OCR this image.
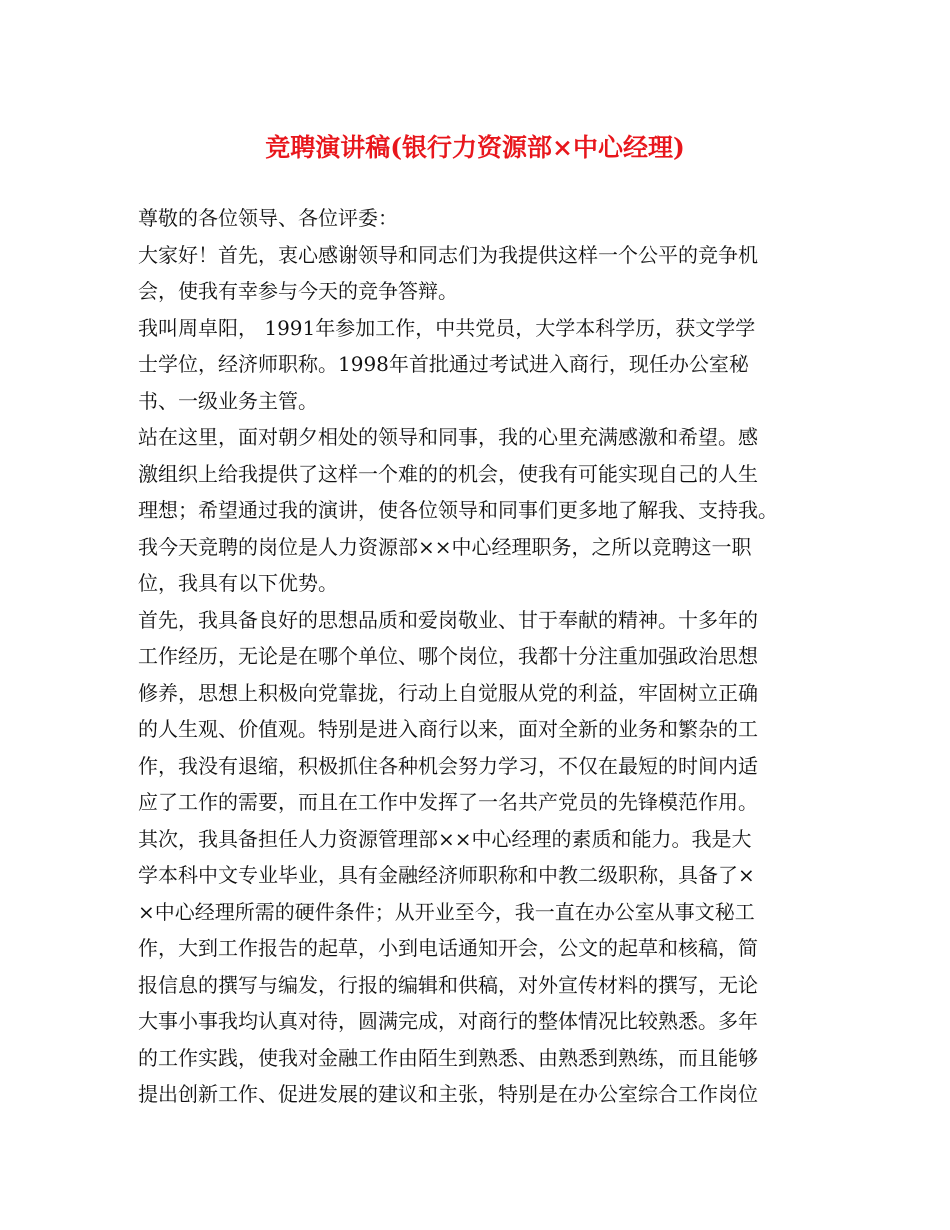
竞聘演讲稿(银行力资源部×中心经理)
尊敬的各位领导、各位评委：
大家好！首先，衷心感谢领导和同志们为我提供这样一个公平的竞争机
会，使我有幸参与今天的竞争答辩。
我叫周卓阳， 1991年参加工作，中共党员，大学本科学历，获文学学
士学位，经济师职称。1998年首批通过考试进入商行，现任办公室秘
书、一级业务主管。
站在这里，面对朝夕相处的领导和同事，我的心里充满感激和希望。感
激组织上给我提供了这样一个难的的机会，使我有可能实现自己的人生
理想；希望通过我的演讲，使各位领导和同事们更多地了解我、支持我。
我今天竞聘的岗位是人力资源部××中心经理职务，之所以竞聘这一职
位，我具有以下优势。
首先，我具备良好的思想品质和爱岗敬业、甘于奉献的精神。十多年的
工作经历，无论是在哪个单位、哪个岗位，我都十分注重加强政治思想
修养，思想上积极向党靠拢，行动上自觉服从党的利益，牢固树立正确
的人生观、价值观。特别是进入商行以来，面对全新的业务和繁杂的工
作，我没有退缩，积极抓住各种机会努力学习，不仅在最短的时间内适
应了工作的需要，而且在工作中发挥了一名共产党员的先锋模范作用。
其次，我具备担任人力资源管理部××中心经理的素质和能力。我是大
学本科中文专业毕业，具有金融经济师职称和中教二级职称，具备了×
×中心经理所需的硬件条件；从开业至今，我一直在办公室从事文秘工
作，大到工作报告的起草，小到电话通知开会，公文的起草和核稿，简
报信息的撰写与编发，行报的编辑和供稿，对外宣传材料的撰写，无论
大事小事我均认真对待，圆满完成，对商行的整体情况比较熟悉。多年
的工作实践，使我对金融工作由陌生到熟悉、由熟悉到熟练，而且能够
提出创新工作、促进发展的建议和主张，特别是在办公室综合工作岗位
